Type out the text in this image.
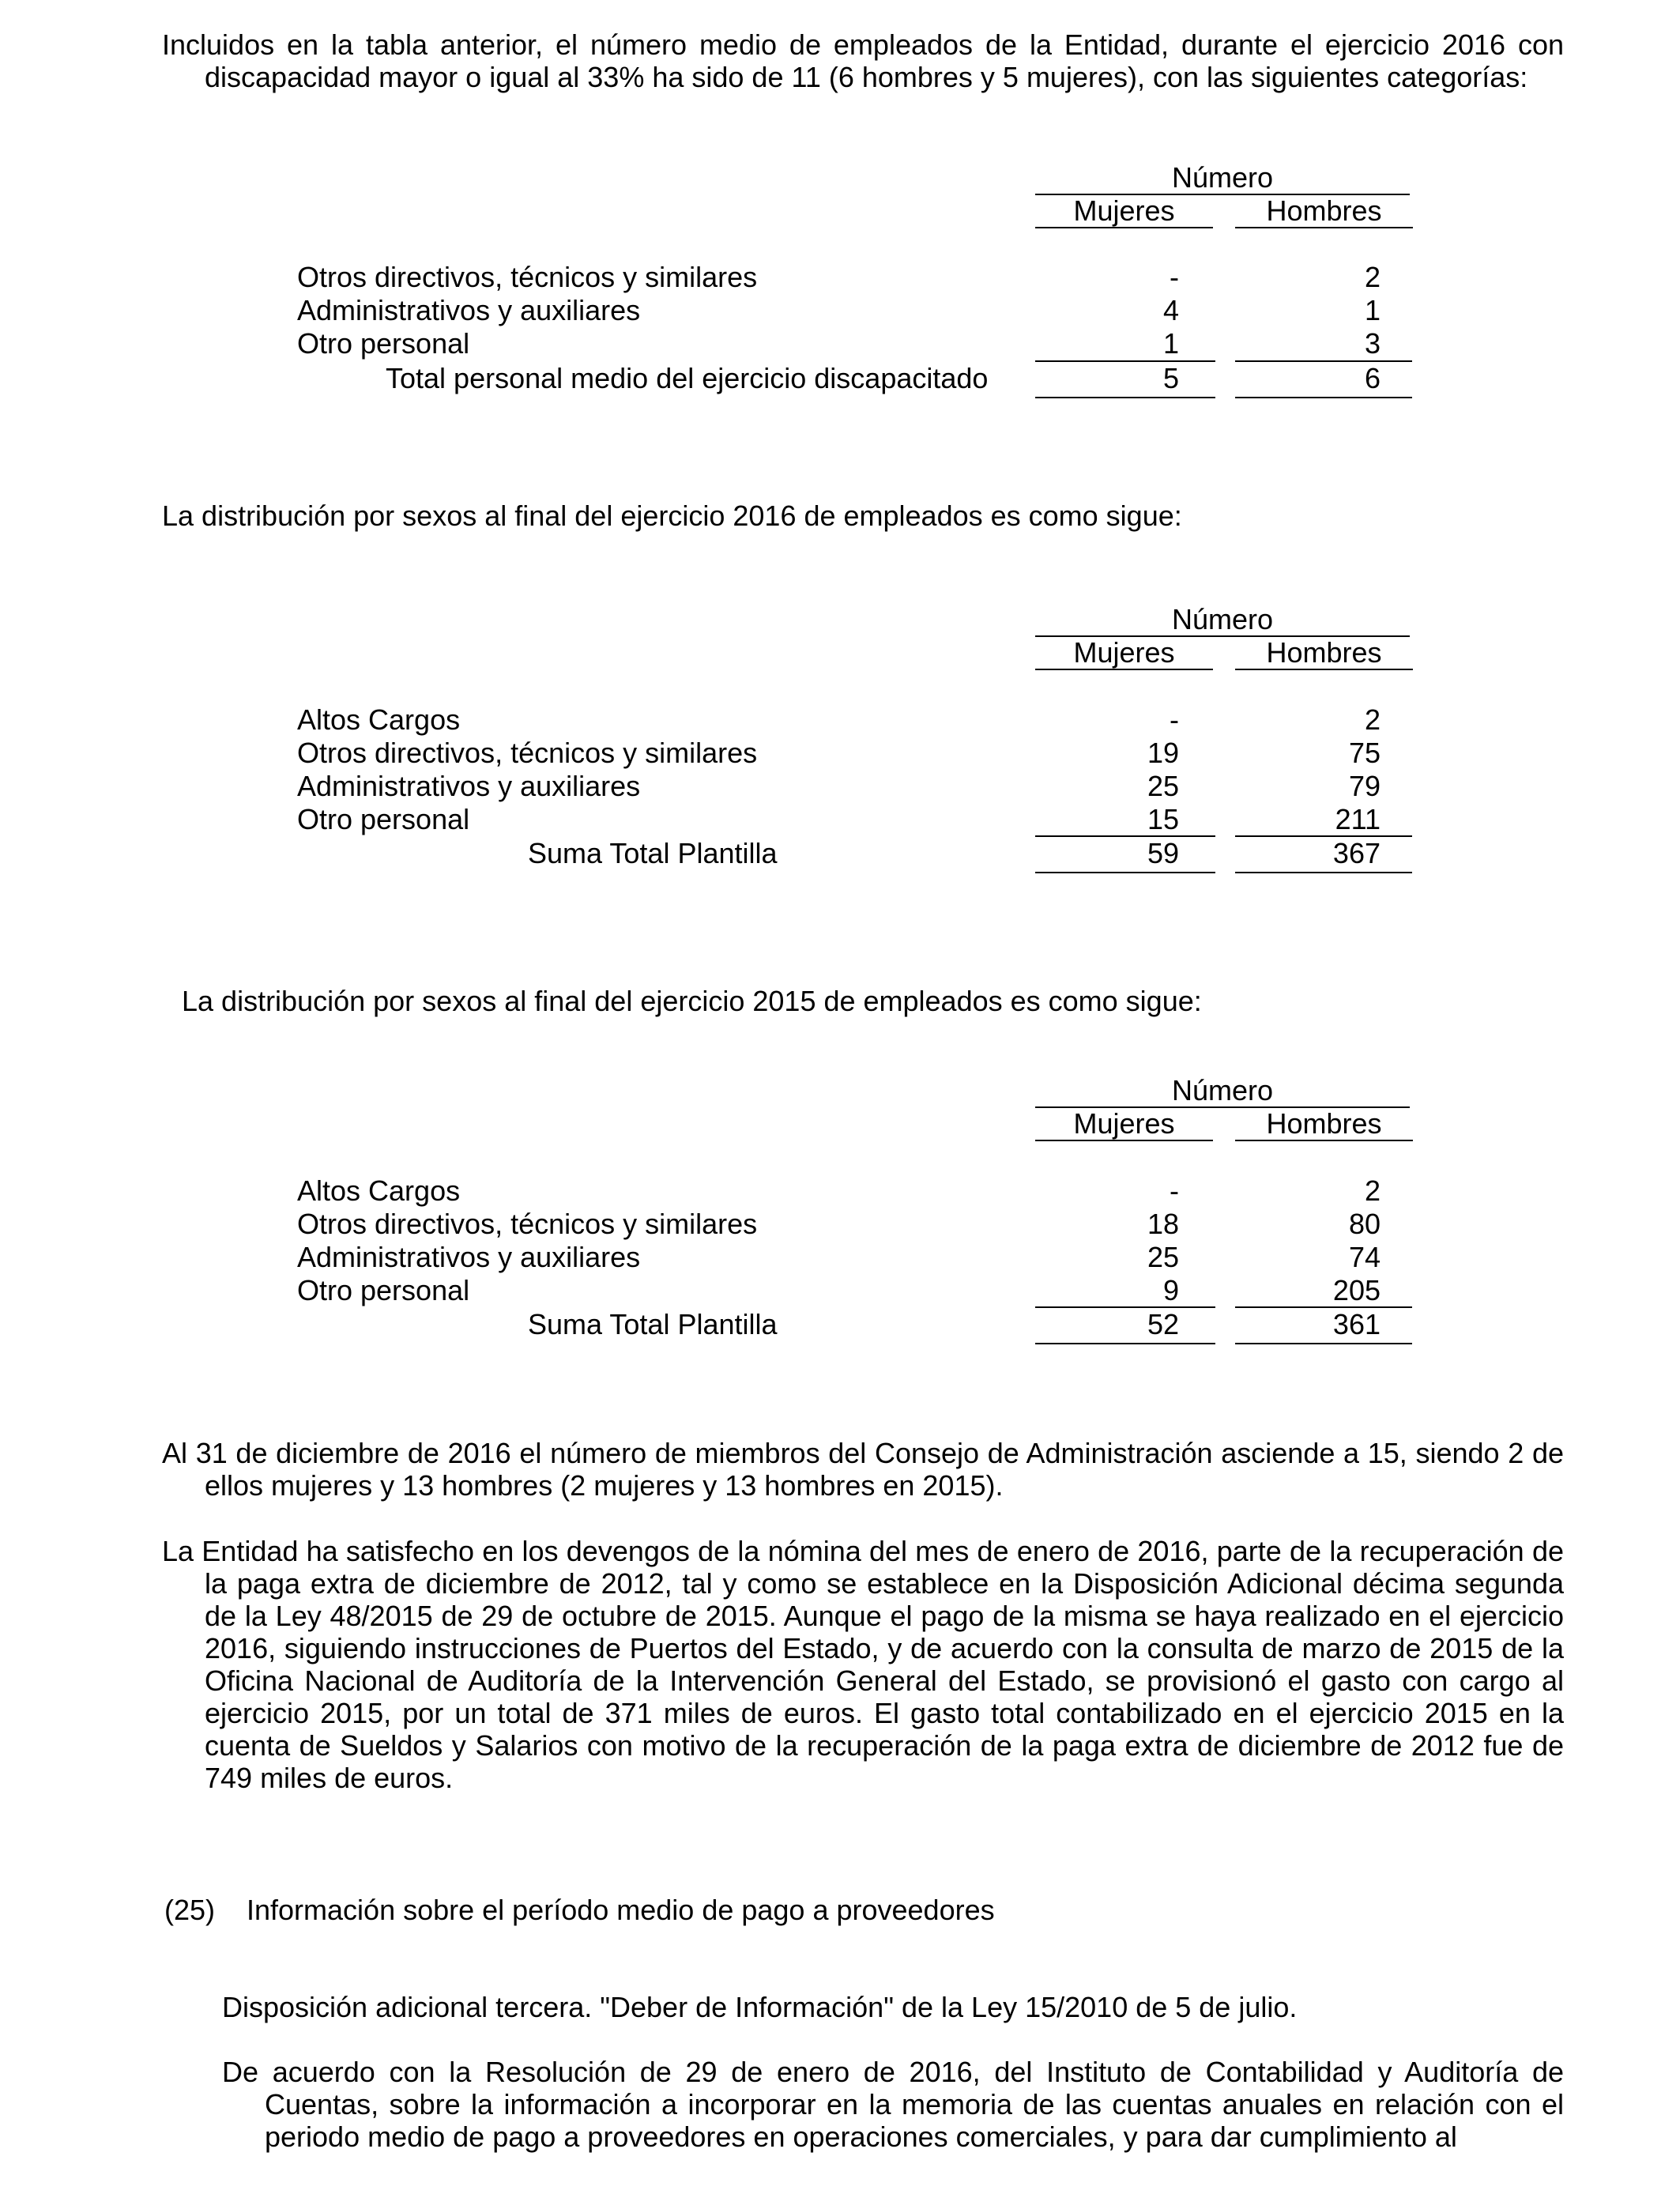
Incluidos en la tabla anterior, el número medio de empleados de la Entidad, durante el ejercicio 2016 con discapacidad mayor o igual al 33% ha sido de 11 (6 hombres y 5 mujeres), con las siguientes categorías:
Número
Mujeres	Hombres
Otros directivos, técnicos y similares	-	2
Administrativos y auxiliares	4	1
Otro personal	1	3
Total personal medio del ejercicio discapacitado	5	6
La distribución por sexos al final del ejercicio 2016 de empleados es como sigue:
Número
Mujeres	Hombres
Altos Cargos	-	2
Otros directivos, técnicos y similares	19	75
Administrativos y auxiliares	25	79
Otro personal	15	211
Suma Total Plantilla	59	367
La distribución por sexos al final del ejercicio 2015 de empleados es como sigue:
Número
Mujeres	Hombres
Altos Cargos	-	2
Otros directivos, técnicos y similares	18	80
Administrativos y auxiliares	25	74
Otro personal	9	205
Suma Total Plantilla	52	361
Al 31 de diciembre de 2016 el número de miembros del Consejo de Administración asciende a 15, siendo 2 de ellos mujeres y 13 hombres (2 mujeres y 13 hombres en 2015).
La Entidad ha satisfecho en los devengos de la nómina del mes de enero de 2016, parte de la recuperación de la paga extra de diciembre de 2012, tal y como se establece en la Disposición Adicional décima segunda de la Ley 48/2015 de 29 de octubre de 2015. Aunque el pago de la misma se haya realizado en el ejercicio 2016, siguiendo instrucciones de Puertos del Estado, y de acuerdo con la consulta de marzo de 2015 de la Oficina Nacional de Auditoría de la Intervención General del Estado, se provisionó el gasto con cargo al ejercicio 2015, por un total de 371 miles de euros. El gasto total contabilizado en el ejercicio 2015 en la cuenta de Sueldos y Salarios con motivo de la recuperación de la paga extra de diciembre de 2012 fue de 749 miles de euros.
(25) Información sobre el período medio de pago a proveedores
Disposición adicional tercera. "Deber de Información" de la Ley 15/2010 de 5 de julio.
De acuerdo con la Resolución de 29 de enero de 2016, del Instituto de Contabilidad y Auditoría de Cuentas, sobre la información a incorporar en la memoria de las cuentas anuales en relación con el periodo medio de pago a proveedores en operaciones comerciales, y para dar cumplimiento al
